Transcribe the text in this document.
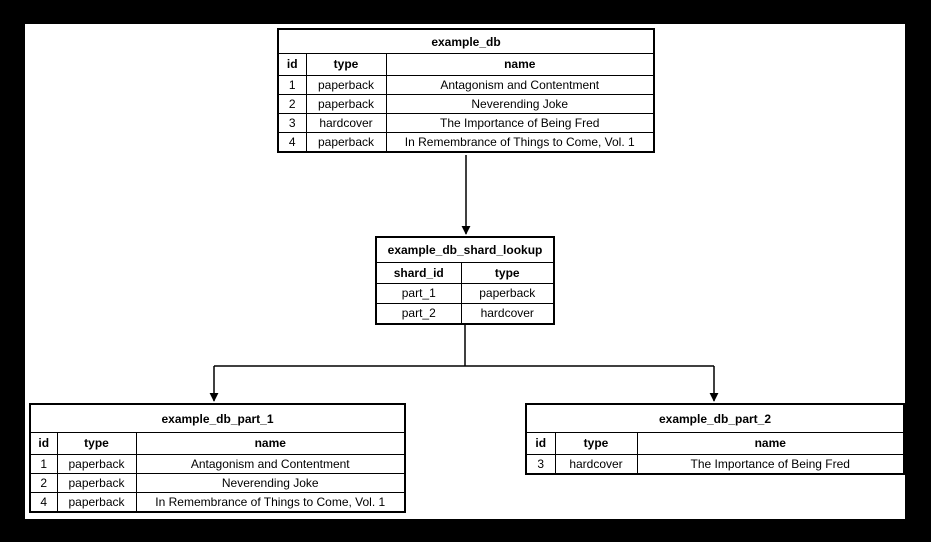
example_db
id	type	name
1	paperback	Antagonism and Contentment
2	paperback	Neverending Joke
3	hardcover	The Importance of Being Fred
4	paperback	In Remembrance of Things to Come, Vol. 1
example_db_shard_lookup
shard_id	type
part_1	paperback
part_2	hardcover
example_db_part_1
id	type	name
1	paperback	Antagonism and Contentment
2	paperback	Neverending Joke
4	paperback	In Remembrance of Things to Come, Vol. 1
example_db_part_2
id	type	name
3	hardcover	The Importance of Being Fred
